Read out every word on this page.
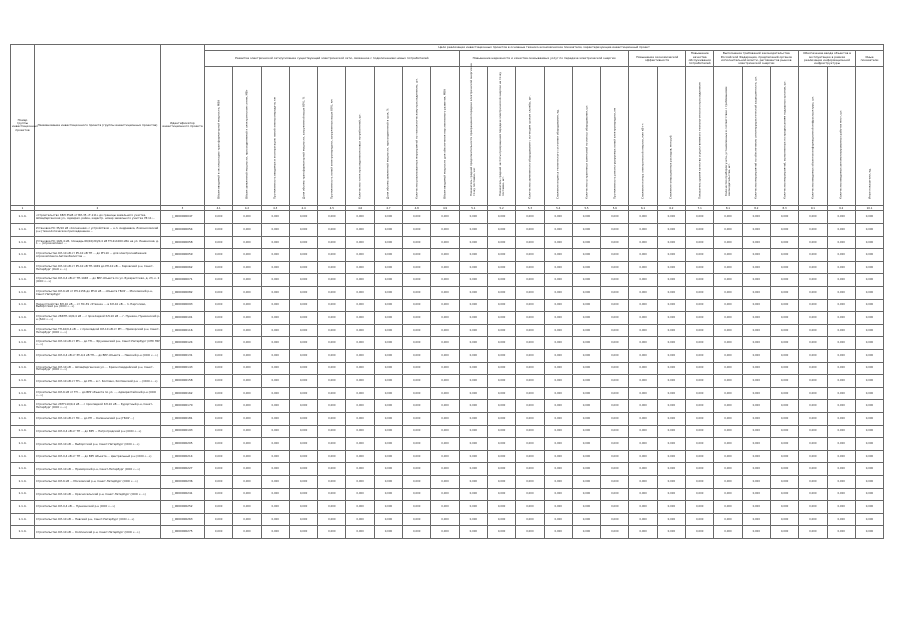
Номер группы инвестиционных проектов	Наименование инвестиционного проекта (группы инвестиционных проектов)	Идентификатор инвестиционного проекта	Цели реализации инвестиционных проектов в основные технико-экономические показатели, характеризующие инвестиционный проект																							
			Развитие электрической сети/усиление существующей электрической сети, связанное с подключением новых потребителей									Повышение надежности и качества оказываемых услуг по передаче электрической энергии						Повышение экономической эффективности		Повышение качества обслуживания потребителей	Выполнение требований законодательства Российской Федерации, предписаний органов исполнительной власти, регламентов рынков электрической энергии			Обеспечение ввода объектов в эксплуатацию в рамках реализации информационной инфраструктуры		Иные показатели

			Объем вводимой в эксплуатацию трансформаторной мощности, МВА	Объем заявленной мощности, присоединяемой к электрическим сетям, МВт	Протяженность вводимых в эксплуатацию линий электропередачи, км	Доля объема трансформаторной мощности, загруженной выше 80%, %	Протяженность линий электропередачи, загруженных выше 80%, км	Количество точек присоединения новых потребителей, шт.	Доля объема заявленной мощности, присоединенной в срок, %	Количество реализованных мероприятий по технологическому присоединению, шт.	Объем вводимой мощности для обеспечения перспективного развития, МВА	Показатель средней продолжительности прекращения передачи электрической энергии на точку поставки, час	Показатель средней частоты прекращения передачи электрической энергии на точку поставки, шт.	Количество замененного оборудования с истекшим сроком службы, шт.	Снижение индекса технического состояния оборудования, ед.	Количество устраненных замечаний по износу оборудования, шт.	Протяженность реконструируемых линий электропередачи, км	Снижение потерь электрической энергии, млн кВт·ч	Снижение операционных расходов, млн руб.	Показатель уровня качества осуществляемого технологического присоединения	Количество приборов учета, установленных в соответствии с требованиями законодательства, шт.	Количество мероприятий по обеспечению антитеррористической защищенности, шт.	Количество мероприятий, выполненных по предписаниям надзорных органов, шт.	Количество вводимых объектов информационной инфраструктуры, шт.	Количество вводимых автоматизированных рабочих мест, шт.	Иные показатели, ед.

1	2	3	4.1	4.2	4.3	4.4	4.5	4.6	4.7	4.8	4.9	5.1	5.2	5.3	5.4	5.5	5.6	6.1	6.2	7.1	8.1	8.2	8.3	9.1	9.2	10.1
1.1.4.	«Строительство КВЛ 35кВ от ВЛ-35 «Т-111» до границы земельного участка, Шпицбергенская ул., Адмирал. район, кадастр. номер земельного участка 78:11:...	J_0000000047	0,000	0,000	0,000	0,000	0,000	0,000	0,000	0,000	0,000	0,000	0,000	0,000	0,000	0,000	0,000	0,000	0,000	0,000	0,000	0,000	0,000	0,000	0,000	0,000
1.1.4.	Установка ПС 35/10 кВ «Солнечная» с устройством ... н.п. Андреевка, Ломоносовский р-н (технологическое присоединение ...	J_0000000054	0,000	0,000	0,000	0,000	0,000	0,000	0,000	0,000	0,000	0,000	0,000	0,000	0,000	0,000	0,000	0,000	0,000	0,000	0,000	0,000	0,000	0,000	0,000	0,000
1.1.4.	Установка ПС 10/0,4 кВ, площадь 66/10(20)/0,4 кВ ТП-2х1000 кВА на ул. Ленинская, д. 1 ... (Агрокомплекс ...	J_0000000058	0,000	0,000	0,000	0,000	0,000	0,000	0,000	0,000	0,000	0,000	0,000	0,000	0,000	0,000	0,000	0,000	0,000	0,000	0,000	0,000	0,000	0,000	0,000	0,000
1.1.4.	Строительство КЛ-10 кВ от РУ-10 кВ ТП ... до РП-10 ... для электроснабжения Агрокомплекса Автомобилистов ...	J_0000000059	0,000	0,000	0,000	0,000	0,000	0,000	0,000	0,000	0,000	0,000	0,000	0,000	0,000	0,000	0,000	0,000	0,000	0,000	0,000	0,000	0,000	0,000	0,000	0,000
1.1.4.	Строительство КЛ-10 кВ от РУ-10 кВ ТП-1949 до РП-10 кВ ... Кировский р-н, Санкт-Петербург (ОАО «...»)	J_0000000062	0,000	0,000	0,000	0,000	0,000	0,000	0,000	0,000	0,000	0,000	0,000	0,000	0,000	0,000	0,000	0,000	0,000	0,000	0,000	0,000	0,000	0,000	0,000	0,000
1.1.4.	Строительство КЛ-0,4 кВ от ТП-1048 ... до ВРУ объекта по ул. Бухарестская, д. 23, к. 2 (ООО «...»)	J_0000000071	0,000	0,000	0,000	0,000	0,000	0,000	0,000	0,000	0,000	0,000	0,000	0,000	0,000	0,000	0,000	0,000	0,000	0,000	0,000	0,000	0,000	0,000	0,000	0,000
1.1.4.	Строительство КЛ-6 кВ от РП-1156 до РП-6 кВ ... объекта ГБОУ ... Московский р-н, Санкт-Петербург	J_0000000082	0,000	0,000	0,000	0,000	0,000	0,000	0,000	0,000	0,000	0,000	0,000	0,000	0,000	0,000	0,000	0,000	0,000	0,000	0,000	0,000	0,000	0,000	0,000	0,000
1.1.4.	Переустройство ВЛ-10 кВ ... от ПС-39 «Уткина» ... в КЛ-10 кВ ... п. Парголово, Выборгский р-н (ООО «...»)	J_0000000093	0,000	0,000	0,000	0,000	0,000	0,000	0,000	0,000	0,000	0,000	0,000	0,000	0,000	0,000	0,000	0,000	0,000	0,000	0,000	0,000	0,000	0,000	0,000	0,000
1.1.4.	Строительство 2БКТП-10/0,4 кВ ... с прокладкой КЛ-10 кВ ... г. Пушкин, Пушкинский р-н (ЗАО «...»)	J_0000000101	0,000	0,000	0,000	0,000	0,000	0,000	0,000	0,000	0,000	0,000	0,000	0,000	0,000	0,000	0,000	0,000	0,000	0,000	0,000	0,000	0,000	0,000	0,000	0,000
1.1.4.	Строительство ТП-10/0,4 кВ ... с прокладкой КЛ-10 кВ от РП ... Приморский р-н, Санкт-Петербург (ООО «...»)	J_0000000116	0,000	0,000	0,000	0,000	0,000	0,000	0,000	0,000	0,000	0,000	0,000	0,000	0,000	0,000	0,000	0,000	0,000	0,000	0,000	0,000	0,000	0,000	0,000	0,000
1.1.4.	Строительство КЛ-10 кВ от РП-... до ТП-... Фрунзенский р-н, Санкт-Петербург (СПб ГБУ «...»)	J_0000000124	0,000	0,000	0,000	0,000	0,000	0,000	0,000	0,000	0,000	0,000	0,000	0,000	0,000	0,000	0,000	0,000	0,000	0,000	0,000	0,000	0,000	0,000	0,000	0,000
1.1.4.	Строительство КЛ-0,4 кВ от РУ-0,4 кВ ТП-... до ВРУ объекта ... Невский р-н (ООО «...»)	J_0000000131	0,000	0,000	0,000	0,000	0,000	0,000	0,000	0,000	0,000	0,000	0,000	0,000	0,000	0,000	0,000	0,000	0,000	0,000	0,000	0,000	0,000	0,000	0,000	0,000
1.1.4.	Строительство КЛ-10 кВ ... Шпицбергенская ул. ... Красногвардейский р-н, Санкт-Петербург (ООО «...»)	J_0000000143	0,000	0,000	0,000	0,000	0,000	0,000	0,000	0,000	0,000	0,000	0,000	0,000	0,000	0,000	0,000	0,000	0,000	0,000	0,000	0,000	0,000	0,000	0,000	0,000
1.1.4.	Строительство КЛ-10 кВ от ТП-... до РП-... в г. Колпино, Колпинский р-н ... (ООО «...»)	J_0000000158	0,000	0,000	0,000	0,000	0,000	0,000	0,000	0,000	0,000	0,000	0,000	0,000	0,000	0,000	0,000	0,000	0,000	0,000	0,000	0,000	0,000	0,000	0,000	0,000
1.1.4.	Строительство КЛ-6 кВ от ТП ... до ВРУ объекта по ул. ..., Адмиралтейский р-н (ООО «...»)	J_0000000162	0,000	0,000	0,000	0,000	0,000	0,000	0,000	0,000	0,000	0,000	0,000	0,000	0,000	0,000	0,000	0,000	0,000	0,000	0,000	0,000	0,000	0,000	0,000	0,000
1.1.4.	Строительство 2КТП-10/0,4 кВ ... с прокладкой КЛ-10 кВ ... Курортный р-н, Санкт-Петербург (ООО «...»)	J_0000000170	0,000	0,000	0,000	0,000	0,000	0,000	0,000	0,000	0,000	0,000	0,000	0,000	0,000	0,000	0,000	0,000	0,000	0,000	0,000	0,000	0,000	0,000	0,000	0,000
1.1.4.	Строительство КЛ-10 кВ от ПС ... до РП ... Калининский р-н (ГБОУ ...)	J_0000000181	0,000	0,000	0,000	0,000	0,000	0,000	0,000	0,000	0,000	0,000	0,000	0,000	0,000	0,000	0,000	0,000	0,000	0,000	0,000	0,000	0,000	0,000	0,000	0,000
1.1.4.	Строительство КЛ-0,4 кВ от ТП ... до ВРУ ... Петроградский р-н (ООО «...»)	J_0000000193	0,000	0,000	0,000	0,000	0,000	0,000	0,000	0,000	0,000	0,000	0,000	0,000	0,000	0,000	0,000	0,000	0,000	0,000	0,000	0,000	0,000	0,000	0,000	0,000
1.1.4.	Строительство КЛ-10 кВ ... Выборгский р-н, Санкт-Петербург (ООО «...»)	J_0000000205	0,000	0,000	0,000	0,000	0,000	0,000	0,000	0,000	0,000	0,000	0,000	0,000	0,000	0,000	0,000	0,000	0,000	0,000	0,000	0,000	0,000	0,000	0,000	0,000
1.1.4.	Строительство КЛ-0,4 кВ от ТП ... до ВРУ объекта ... Центральный р-н (ООО «...»)	J_0000000214	0,000	0,000	0,000	0,000	0,000	0,000	0,000	0,000	0,000	0,000	0,000	0,000	0,000	0,000	0,000	0,000	0,000	0,000	0,000	0,000	0,000	0,000	0,000	0,000
1.1.4.	Строительство КЛ-10 кВ ... Приморский р-н, Санкт-Петербург (ООО «...»)	J_0000000227	0,000	0,000	0,000	0,000	0,000	0,000	0,000	0,000	0,000	0,000	0,000	0,000	0,000	0,000	0,000	0,000	0,000	0,000	0,000	0,000	0,000	0,000	0,000	0,000
1.1.4.	Строительство КЛ-6 кВ ... Московский р-н, Санкт-Петербург (ООО «...»)	J_0000000236	0,000	0,000	0,000	0,000	0,000	0,000	0,000	0,000	0,000	0,000	0,000	0,000	0,000	0,000	0,000	0,000	0,000	0,000	0,000	0,000	0,000	0,000	0,000	0,000
1.1.4.	Строительство КЛ-10 кВ ... Красносельский р-н, Санкт-Петербург (ООО «...»)	J_0000000241	0,000	0,000	0,000	0,000	0,000	0,000	0,000	0,000	0,000	0,000	0,000	0,000	0,000	0,000	0,000	0,000	0,000	0,000	0,000	0,000	0,000	0,000	0,000	0,000
1.1.4.	Строительство КЛ-0,4 кВ ... Пушкинский р-н (ООО «...»)	J_0000000252	0,000	0,000	0,000	0,000	0,000	0,000	0,000	0,000	0,000	0,000	0,000	0,000	0,000	0,000	0,000	0,000	0,000	0,000	0,000	0,000	0,000	0,000	0,000	0,000
1.1.4.	Строительство КЛ-10 кВ ... Невский р-н, Санкт-Петербург (ООО «...»)	J_0000000263	0,000	0,000	0,000	0,000	0,000	0,000	0,000	0,000	0,000	0,000	0,000	0,000	0,000	0,000	0,000	0,000	0,000	0,000	0,000	0,000	0,000	0,000	0,000	0,000
1.1.4.	Строительство КЛ-10 кВ ... Колпинский р-н, Санкт-Петербург (ООО «...»)	J_0000000275	0,000	0,000	0,000	0,000	0,000	0,000	0,000	0,000	0,000	0,000	0,000	0,000	0,000	0,000	0,000	0,000	0,000	0,000	0,000	0,000	0,000	0,000	0,000	0,000
